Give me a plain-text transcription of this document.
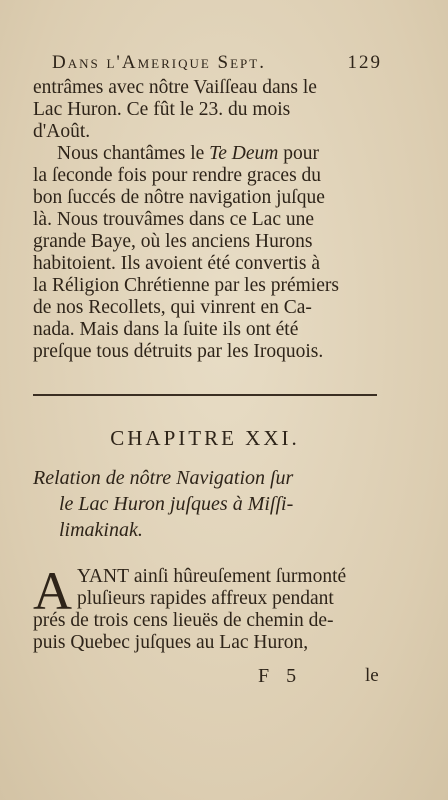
Dans l'Amerique Sept.	129
entrâmes avec nôtre Vaiſſeau dans le
Lac Huron. Ce fût le 23. du mois
d'Août.
Nous chantâmes le Te Deum pour
la ſeconde fois pour rendre graces du
bon ſuccés de nôtre navigation juſque
là. Nous trouvâmes dans ce Lac une
grande Baye, où les anciens Hurons
habitoient. Ils avoient été convertis à
la Réligion Chrétienne par les prémiers
de nos Recollets, qui vinrent en Ca-
nada. Mais dans la ſuite ils ont été
preſque tous détruits par les Iroquois.
CHAPITRE XXI.
Relation de nôtre Navigation ſur
le Lac Huron juſques à Miſſi-
limakinak.
A YANT ainſi hûreuſement ſurmonté
pluſieurs rapides affreux pendant
prés de trois cens lieuës de chemin de-
puis Quebec juſques au Lac Huron,
F 5	le
